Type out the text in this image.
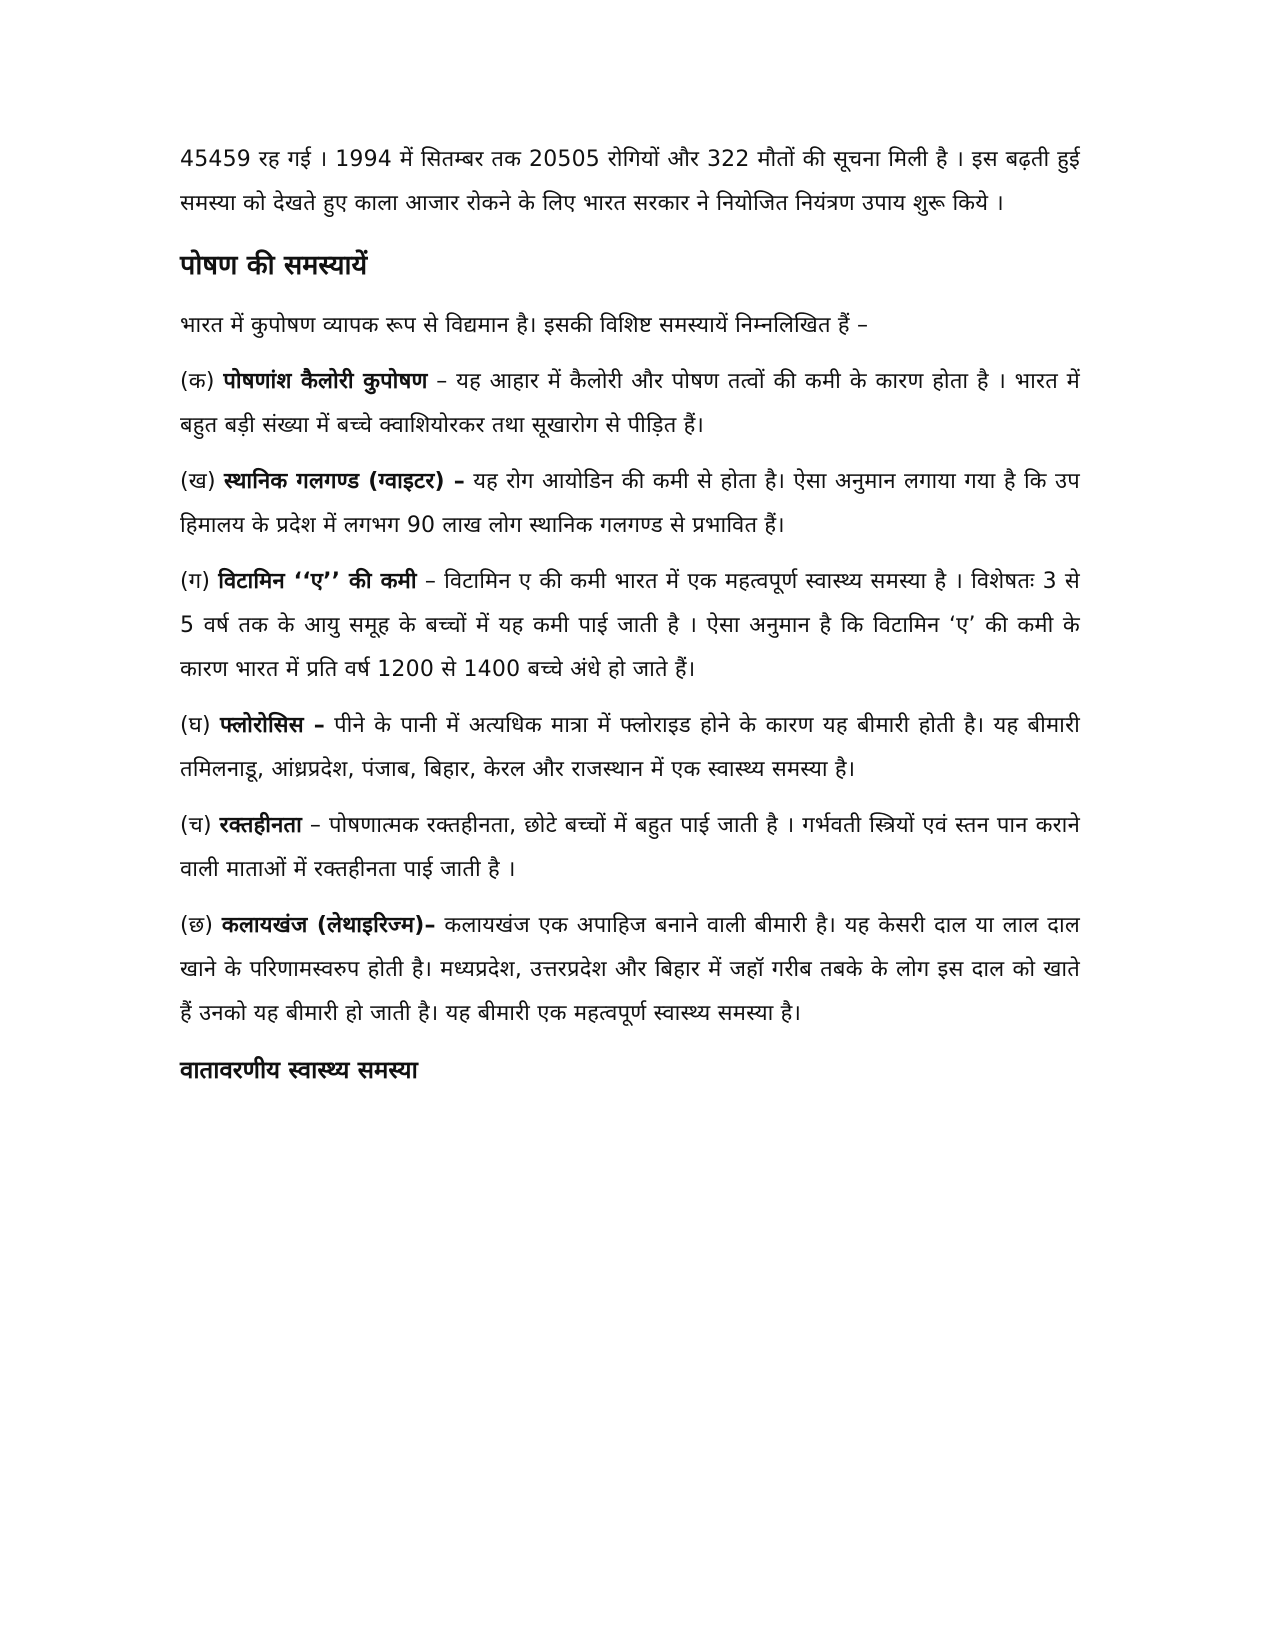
45459 रह गई । 1994 में सितम्बर तक 20505 रोगियों और 322 मौतों की सूचना मिली है । इस बढ़ती हुई समस्या को देखते हुए काला आजार रोकने के लिए भारत सरकार ने नियोजित नियंत्रण उपाय शुरू किये ।

पोषण की समस्यायें

भारत में कुपोषण व्यापक रूप से विद्यमान है। इसकी विशिष्ट समस्यायें निम्नलिखित हैं –

(क) पोषणांश कैलोरी कुपोषण – यह आहार में कैलोरी और पोषण तत्वों की कमी के कारण होता है । भारत में बहुत बड़ी संख्या में बच्चे क्वाशियोरकर तथा सूखारोग से पीड़ित हैं।

(ख) स्थानिक गलगण्ड (ग्वाइटर) – यह रोग आयोडिन की कमी से होता है। ऐसा अनुमान लगाया गया है कि उप हिमालय के प्रदेश में लगभग 90 लाख लोग स्थानिक गलगण्ड से प्रभावित हैं।

(ग) विटामिन ‘‘ए’’ की कमी – विटामिन ए की कमी भारत में एक महत्वपूर्ण स्वास्थ्य समस्या है । विशेषतः 3 से 5 वर्ष तक के आयु समूह के बच्चों में यह कमी पाई जाती है । ऐसा अनुमान है कि विटामिन ‘ए’ की कमी के कारण भारत में प्रति वर्ष 1200 से 1400 बच्चे अंधे हो जाते हैं।

(घ) फ्लोरोसिस – पीने के पानी में अत्यधिक मात्रा में फ्लोराइड होने के कारण यह बीमारी होती है। यह बीमारी तमिलनाडू, आंध्रप्रदेश, पंजाब, बिहार, केरल और राजस्थान में एक स्वास्थ्य समस्या है।

(च) रक्तहीनता – पोषणात्मक रक्तहीनता, छोटे बच्चों में बहुत पाई जाती है । गर्भवती स्त्रियों एवं स्तन पान कराने वाली माताओं में रक्तहीनता पाई जाती है ।

(छ) कलायखंज (लेथाइरिज्म)– कलायखंज एक अपाहिज बनाने वाली बीमारी है। यह केसरी दाल या लाल दाल खाने के परिणामस्वरुप होती है। मध्यप्रदेश, उत्तरप्रदेश और बिहार में जहॉ गरीब तबके के लोग इस दाल को खाते हैं उनको यह बीमारी हो जाती है। यह बीमारी एक महत्वपूर्ण स्वास्थ्य समस्या है।

वातावरणीय स्वास्थ्य समस्या
